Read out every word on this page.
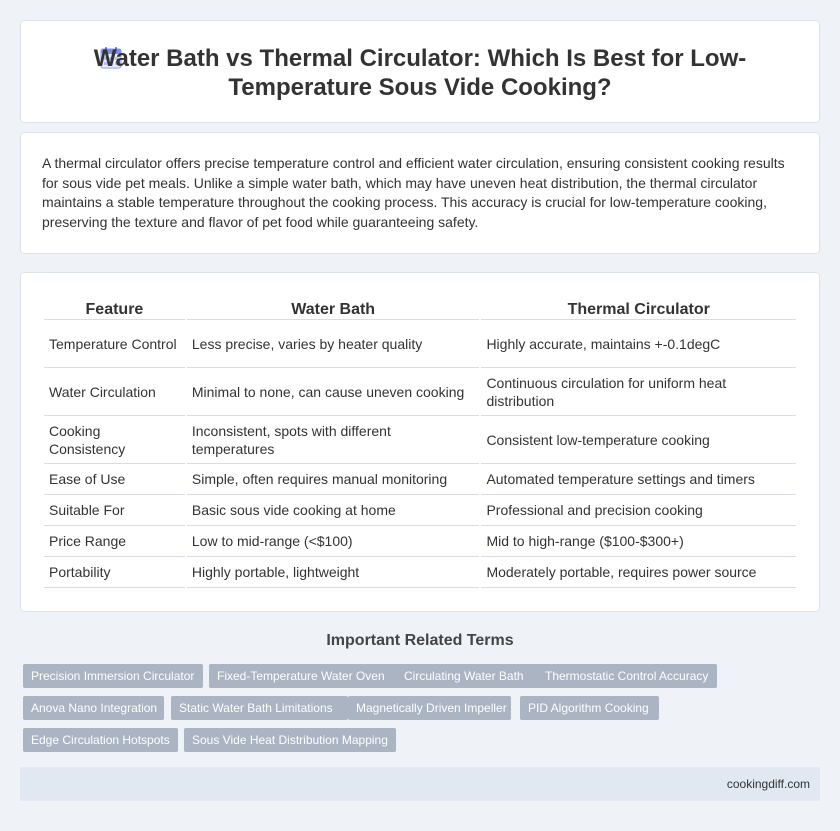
Water Bath vs Thermal Circulator: Which Is Best for Low-Temperature Sous Vide Cooking?

A thermal circulator offers precise temperature control and efficient water circulation, ensuring consistent cooking results for sous vide pet meals. Unlike a simple water bath, which may have uneven heat distribution, the thermal circulator maintains a stable temperature throughout the cooking process. This accuracy is crucial for low-temperature cooking, preserving the texture and flavor of pet food while guaranteeing safety.

Feature	Water Bath	Thermal Circulator
Temperature Control	Less precise, varies by heater quality	Highly accurate, maintains +-0.1degC
Water Circulation	Minimal to none, can cause uneven cooking	Continuous circulation for uniform heat distribution
Cooking Consistency	Inconsistent, spots with different temperatures	Consistent low-temperature cooking
Ease of Use	Simple, often requires manual monitoring	Automated temperature settings and timers
Suitable For	Basic sous vide cooking at home	Professional and precision cooking
Price Range	Low to mid-range (<$100)	Mid to high-range ($100-$300+)
Portability	Highly portable, lightweight	Moderately portable, requires power source
Important Related Terms
Precision Immersion Circulator	Fixed-Temperature Water Oven	Circulating Water Bath	Thermostatic Control Accuracy
Anova Nano Integration	Static Water Bath Limitations	Magnetically Driven Impeller	PID Algorithm Cooking
Edge Circulation Hotspots	Sous Vide Heat Distribution Mapping
cookingdiff.com
